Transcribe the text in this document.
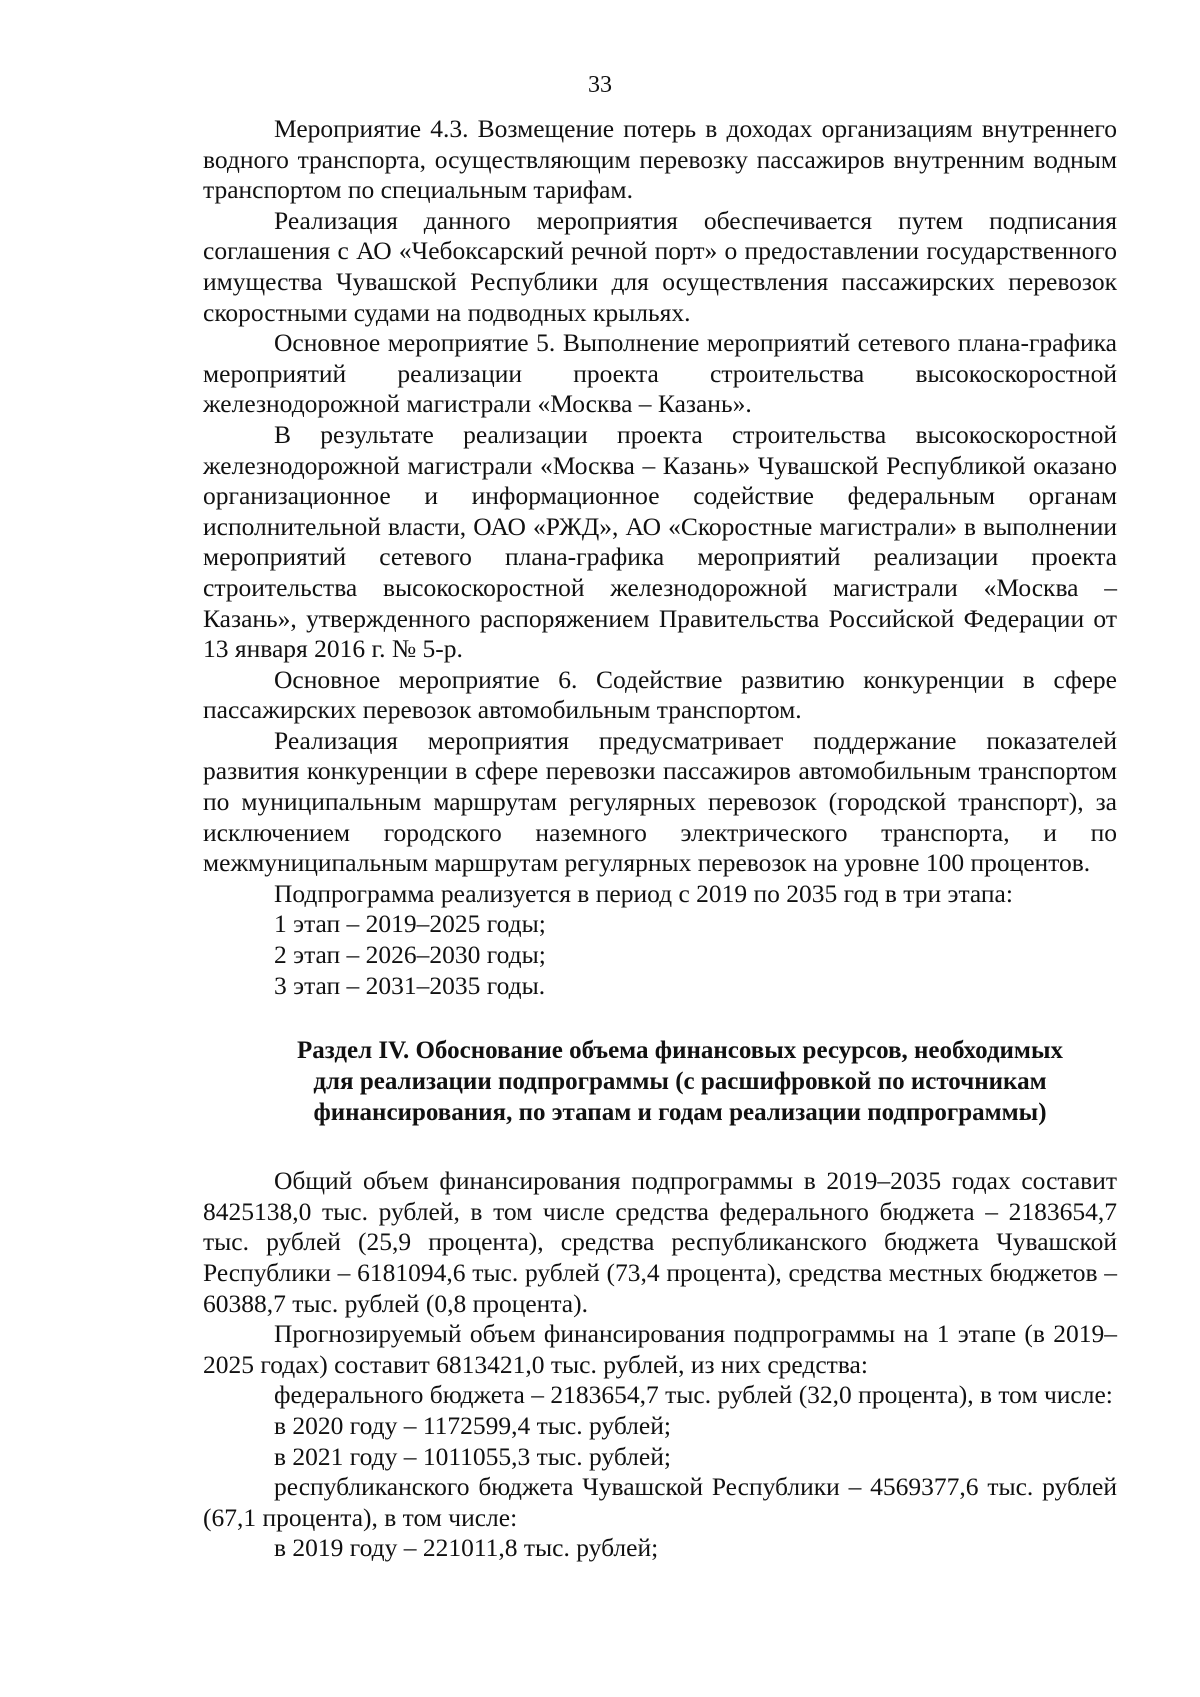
33

Мероприятие 4.3. Возмещение потерь в доходах организациям внутреннего водного транспорта, осуществляющим перевозку пассажиров внутренним водным транспортом по специальным тарифам.

Реализация данного мероприятия обеспечивается путем подписания соглашения с АО «Чебоксарский речной порт» о предоставлении государственного имущества Чувашской Республики для осуществления пассажирских перевозок скоростными судами на подводных крыльях.

Основное мероприятие 5. Выполнение мероприятий сетевого плана-графика мероприятий реализации проекта строительства высокоскоростной железнодорожной магистрали «Москва – Казань».

В результате реализации проекта строительства высокоскоростной железнодорожной магистрали «Москва – Казань» Чувашской Республикой оказано организационное и информационное содействие федеральным органам исполнительной власти, ОАО «РЖД», АО «Скоростные магистрали» в выполнении мероприятий сетевого плана-графика мероприятий реализации проекта строительства высокоскоростной железнодорожной магистрали «Москва – Казань», утвержденного распоряжением Правительства Российской Федерации от 13 января 2016 г. № 5-р.

Основное мероприятие 6. Содействие развитию конкуренции в сфере пассажирских перевозок автомобильным транспортом.

Реализация мероприятия предусматривает поддержание показателей развития конкуренции в сфере перевозки пассажиров автомобильным транспортом по муниципальным маршрутам регулярных перевозок (городской транспорт), за исключением городского наземного электрического транспорта, и по межмуниципальным маршрутам регулярных перевозок на уровне 100 процентов.

Подпрограмма реализуется в период с 2019 по 2035 год в три этапа:

1 этап – 2019–2025 годы;

2 этап – 2026–2030 годы;

3 этап – 2031–2035 годы.

Раздел IV. Обоснование объема финансовых ресурсов, необходимых
для реализации подпрограммы (с расшифровкой по источникам
финансирования, по этапам и годам реализации подпрограммы)

Общий объем финансирования подпрограммы в 2019–2035 годах составит 8425138,0 тыс. рублей, в том числе средства федерального бюджета – 2183654,7 тыс. рублей (25,9 процента), средства республиканского бюджета Чувашской Республики – 6181094,6 тыс. рублей (73,4 процента), средства местных бюджетов – 60388,7 тыс. рублей (0,8 процента).

Прогнозируемый объем финансирования подпрограммы на 1 этапе (в 2019–2025 годах) составит 6813421,0 тыс. рублей, из них средства:

федерального бюджета – 2183654,7 тыс. рублей (32,0 процента), в том числе:

в 2020 году – 1172599,4 тыс. рублей;

в 2021 году – 1011055,3 тыс. рублей;

республиканского бюджета Чувашской Республики – 4569377,6 тыс. рублей (67,1 процента), в том числе:

в 2019 году – 221011,8 тыс. рублей;
